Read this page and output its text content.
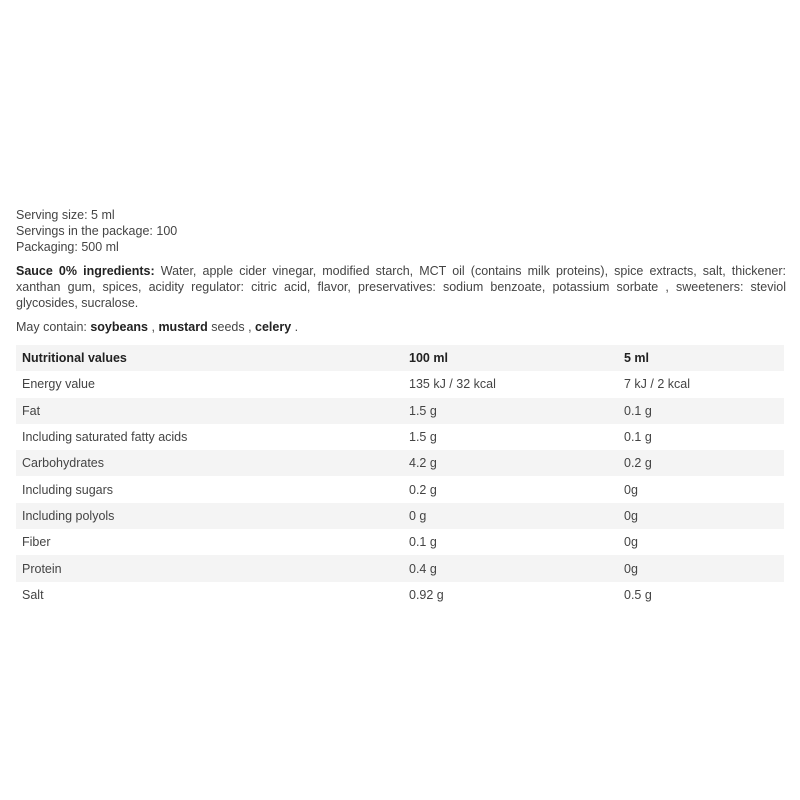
Serving size: 5 ml
Servings in the package: 100
Packaging: 500 ml
Sauce 0% ingredients: Water, apple cider vinegar, modified starch, MCT oil (contains milk proteins), spice extracts, salt, thickener: xanthan gum, spices, acidity regulator: citric acid, flavor, preservatives: sodium benzoate, potassium sorbate , sweeteners: steviol glycosides, sucralose.
May contain: soybeans , mustard seeds , celery .
Nutritional values	100 ml	5 ml
Energy value	135 kJ / 32 kcal	7 kJ / 2 kcal
Fat	1.5 g	0.1 g
Including saturated fatty acids	1.5 g	0.1 g
Carbohydrates	4.2 g	0.2 g
Including sugars	0.2 g	0g
Including polyols	0 g	0g
Fiber	0.1 g	0g
Protein	0.4 g	0g
Salt	0.92 g	0.5 g
